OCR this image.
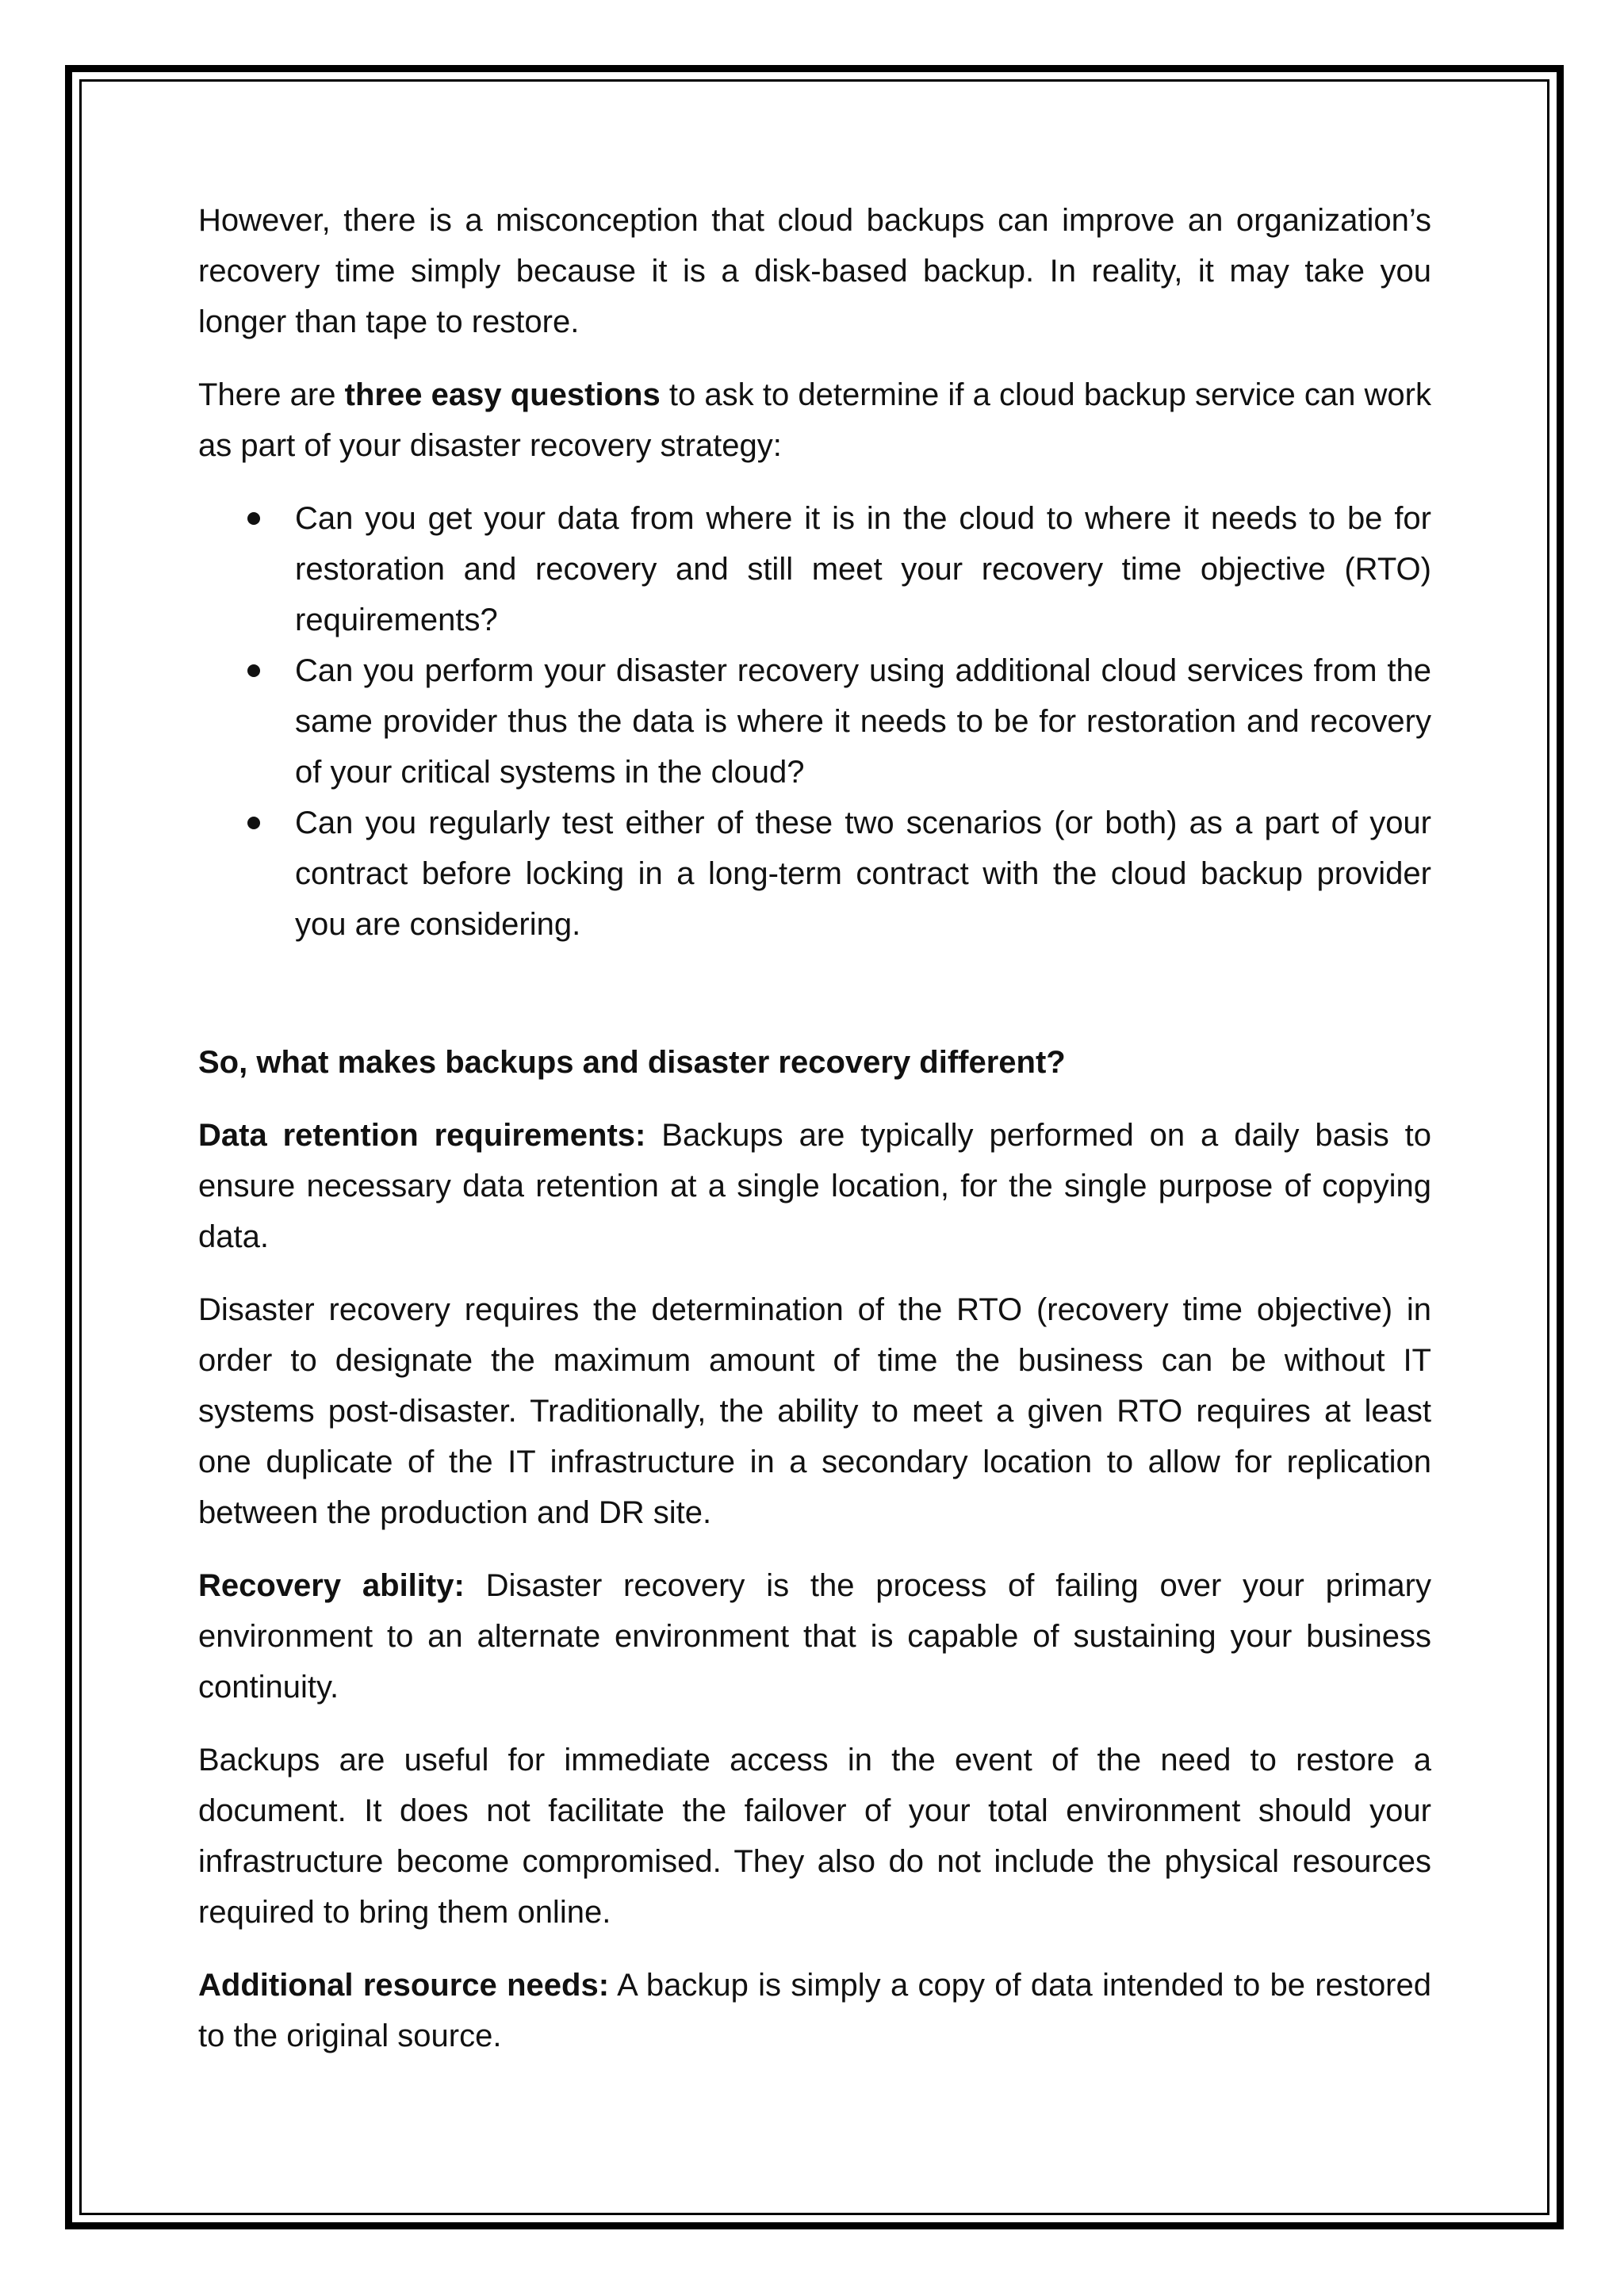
However, there is a misconception that cloud backups can improve an organization’s recovery time simply because it is a disk-based backup. In reality, it may take you longer than tape to restore.

There are three easy questions to ask to determine if a cloud backup service can work as part of your disaster recovery strategy:

Can you get your data from where it is in the cloud to where it needs to be for restoration and recovery and still meet your recovery time objective (RTO) requirements?
Can you perform your disaster recovery using additional cloud services from the same provider thus the data is where it needs to be for restoration and recovery of your critical systems in the cloud?
Can you regularly test either of these two scenarios (or both) as a part of your contract before locking in a long-term contract with the cloud backup provider you are considering.

So, what makes backups and disaster recovery different?

Data retention requirements: Backups are typically performed on a daily basis to ensure necessary data retention at a single location, for the single purpose of copying data.

Disaster recovery requires the determination of the RTO (recovery time objective) in order to designate the maximum amount of time the business can be without IT systems post-disaster. Traditionally, the ability to meet a given RTO requires at least one duplicate of the IT infrastructure in a secondary location to allow for replication between the production and DR site.

Recovery ability: Disaster recovery is the process of failing over your primary environment to an alternate environment that is capable of sustaining your business continuity.

Backups are useful for immediate access in the event of the need to restore a document. It does not facilitate the failover of your total environment should your infrastructure become compromised. They also do not include the physical resources required to bring them online.

Additional resource needs: A backup is simply a copy of data intended to be restored to the original source.
